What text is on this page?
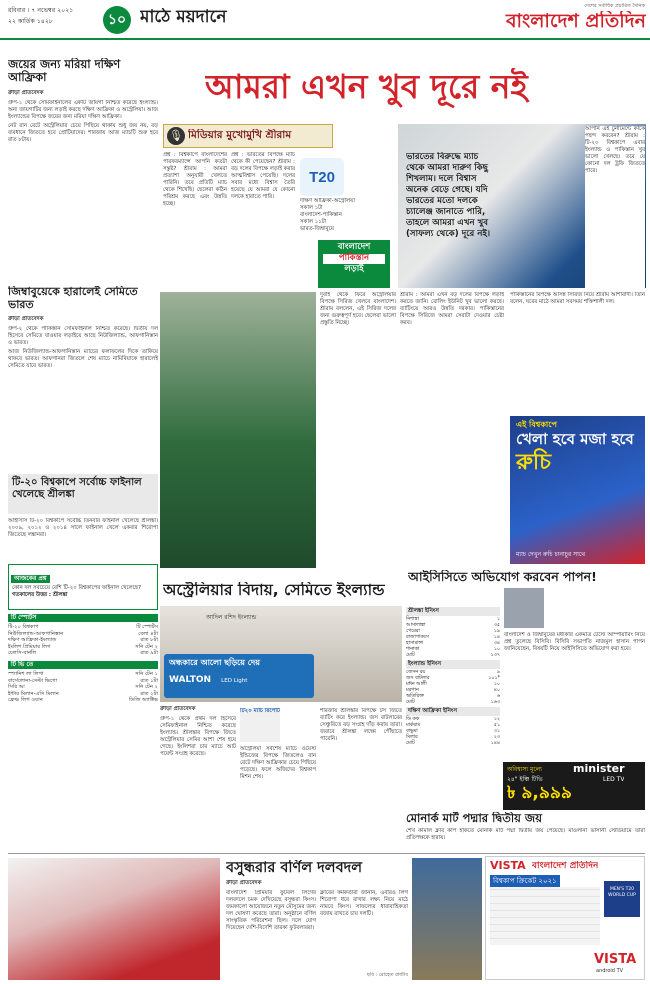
রবিবার । ৭ নভেম্বর ২০২১
২২ কার্তিক ১৪২৮	১০ মাঠে ময়দানে
দেশের সর্বাধিক প্রচারিত দৈনিক
বাংলাদেশ প্রতিদিন
জয়ের জন্য মরিয়া দক্ষিণ আফ্রিকা
ক্রীড়া প্রতিবেদক

গ্রুপ-১ থেকে সেমিফাইনালের একটি জায়গা নিশ্চিত করেছে ইংল্যান্ড। অন্য জায়গাটির জন্য লড়াই করছে দক্ষিণ আফ্রিকা ও অস্ট্রেলিয়া। আজ ইংল্যান্ডের বিপক্ষে জয়ের জন্য মরিয়া দক্ষিণ আফ্রিকা।

নেট রান রেটে অস্ট্রেলিয়ার চেয়ে পিছিয়ে থাকায় শুধু জয় নয়, বড় ব্যবধানে জিততে হবে প্রোটিয়াদের। শারজায় আজ ম্যাচটি শুরু হবে রাত ৮টায়।

জিম্বাবুয়েকে হারালেই সেমিতে ভারত
ক্রীড়া প্রতিবেদক

গ্রুপ-২ থেকে পাকিস্তান সেমিফাইনাল নিশ্চিত করেছে। দ্বিতীয় দল হিসেবে সেমিতে যাওয়ার লড়াইয়ে আছে নিউজিল্যান্ড, আফগানিস্তান ও ভারত।

আজ নিউজিল্যান্ড-আফগানিস্তান ম্যাচের ফলাফলের দিকে তাকিয়ে থাকবে ভারত। আফগানরা জিতলে শেষ ম্যাচে নামিবিয়াকে হারালেই সেমিতে যাবে ভারত।

টি-২০ বিশ্বকাপে সর্বোচ্চ ফাইনাল খেলেছে শ্রীলঙ্কা
আইসিসি টি-২০ বিশ্বকাপে সর্বোচ্চ তিনবার ফাইনাল খেলেছে শ্রীলঙ্কা। ২০০৯, ২০১২ ও ২০১৪ সালে ফাইনাল খেলে একবার শিরোপা জিতেছে লঙ্কানরা।
আজকের প্রশ্ন
কোন দল সবচেয়ে বেশি টি-২০ বিশ্বকাপের ফাইনাল খেলেছে?
গতকালের উত্তর : শ্রীলঙ্কা
টি স্পোর্টস
টি-২০ বিশ্বকাপ	টি স্পোর্টস
নিউজিল্যান্ড-আফগানিস্তান	বেলা ৪টা
দক্ষিণ আফ্রিকা-ইংল্যান্ড	রাত ৮টা
ইংলিশ প্রিমিয়ার লিগ	সনি টেন ২
চেলসি-বার্নলি	রাত ৯টা
টি ভি তে
স্প্যানিশ লা লিগা	সনি টেন ১
বার্সেলোনা-সেল্টা ভিগো	রাত ১টা
সিরি আ	সনি টেন ২
ইন্টার মিলান-এসি মিলান	রাত ২টা
ফ্রেঞ্চ লিগ ওয়ান	ডিজি অ্যাক্টিভ
আমরা এখন খুব দূরে নই
🎙 মিডিয়ার মুখোমুখি শ্রীরাম
প্রশ্ন : বিশ্বকাপে বাংলাদেশের পারফরম্যান্সে আপনি কতটা সন্তুষ্ট? শ্রীরাম : আমরা প্রত্যাশা অনুযায়ী খেলতে পারিনি। তবে প্রতিটি ম্যাচ থেকে শিখেছি। ছেলেরা কঠিন পরিশ্রম করছে এবং উন্নতি হচ্ছে।
প্রশ্ন : ভারতের বিপক্ষে ম্যাচ থেকে কী পেয়েছেন? শ্রীরাম : বড় দলের বিপক্ষে লড়াই করার আত্মবিশ্বাস পেয়েছি। দলের সবার মধ্যে বিশ্বাস তৈরি হয়েছে যে আমরা যে কোনো দলকে হারাতে পারি।
T20
দক্ষিণ আফ্রিকা-অস্ট্রেলিয়া
সকাল ১টা
বাংলাদেশ-পাকিস্তান
সকাল ১১টা
ভারত-জিম্বাবুয়ে
বাংলাদেশ
পাকিস্তান
লড়াই
ভারতের বিরুদ্ধে ম্যাচ থেকে আমরা দারুণ কিছু শিখলাম। দলে বিশ্বাস অনেক বেড়ে গেছে। যদি ভারতের মতো দলকে চ্যালেঞ্জ জানাতে পারি, তাহলে আমরা এখন খুব (সাফল্য থেকে) দূরে নই।
আপনি এই টুর্নামেন্টে কাকে পছন্দ করবেন? শ্রীরাম : টি-২০ বিশ্বকাপে এবার ইংল্যান্ড ও পাকিস্তান খুব ভালো খেলছে। তবে যে কোনো দল ট্রফি জিততে পারে।
দুবাই থেকে ফিরে অস্ট্রেলিয়ার বিপক্ষে সিরিজ খেলবে বাংলাদেশ। শ্রীরাম বললেন, এই সিরিজ দলের জন্য গুরুত্বপূর্ণ হবে। ছেলেরা ভালো প্রস্তুতি নিচ্ছে।
শ্রীরাম : আমরা এখন বড় দলের বিপক্ষে লড়াই করতে জানি। বোলিং ইউনিট খুব ভালো করছে। ব্যাটিংয়ে আরও উন্নতি দরকার। পাকিস্তানের বিপক্ষে সিরিজে আমরা সেরাটা দেওয়ার চেষ্টা করব।
পাকিস্তানের বিপক্ষে আসন্ন সিরিজ নিয়ে শ্রীরাম আশাবাদী। তিনি বলেন, ঘরের মাঠে আমরা সবসময় শক্তিশালী দল।
এই বিশ্বকাপে
খেলা হবে মজা হবে
রুচি
ম্যাচ দেখুন রুচি চানাচুর সাথে
অস্ট্রেলিয়ার বিদায়, সেমিতে ইংল্যান্ড
আইসিসিতে অভিযোগ করবেন পাপন!
আদিল রশিদ ইংল্যান্ড
অন্ধকারে আলো ছড়িয়ে দেয়
WALTON LED Light
ক্রীড়া প্রতিবেদক
গ্রুপ-১ থেকে প্রথম দল হিসেবে সেমিফাইনাল নিশ্চিত করেছে ইংল্যান্ড। শ্রীলঙ্কার বিপক্ষে জিতে অস্ট্রেলিয়ার সেমির আশা শেষ হয়ে গেছে। ইংলিশরা চার ম্যাচে আট পয়েন্ট সংগ্রহ করেছে।
টি২০ ম্যাচ রিপোর্ট
অস্ট্রেলিয়া সর্বশেষ ম্যাচে ওয়েস্ট ইন্ডিজের বিপক্ষে জিতলেও রান রেটে দক্ষিণ আফ্রিকার চেয়ে পিছিয়ে পড়েছে। ফলে অজিদের বিশ্বকাপ মিশন শেষ।
শারজায় শ্রীলঙ্কার বিপক্ষে টস জিতে ব্যাটিং করে ইংল্যান্ড। জস বাটলারের সেঞ্চুরিতে বড় সংগ্রহ দাঁড় করায় তারা। জবাবে শ্রীলঙ্কা লক্ষ্যে পৌঁছাতে পারেনি।
শ্রীলঙ্কা ইনিংস
নিশাঙ্কা	১
আসালাঙ্কা	৩৫
পেরেরা	১৯
রাজাপাকসে	১৪
হাসারাঙ্গা	৩৪
শানাকা	১০
মোট	১৩৭
ইংল্যান্ড ইনিংস
জেসন রয়	৯
জস বাটলার	১০১*
মঈন আলী	১০
মরগান	৪০
অতিরিক্ত	৬
মোট	১৬৩
দক্ষিণ আফ্রিকা ইনিংস
ডি কক	১২
মার্করাম	৫১
বাভুমা	৩১
মিলার	২৩
মোট	১৪৪
বাংলাদেশ ও জিম্বাবুয়ের মধ্যকার একমাত্র টেস্টে আম্পায়ারিং নিয়ে প্রশ্ন তুলেছে বিসিবি। বিসিবি সভাপতি নাজমুল হাসান পাপন জানিয়েছেন, বিষয়টি নিয়ে আইসিসিতে অভিযোগ করা হবে।
অবিশ্বাস্য মূল্যে	minister
LED TV
২৪" ইঞ্চি টিভি
৳ ৯,৯৯৯
মোনার্ক মার্ট পদ্মার দ্বিতীয় জয়
শেখ কামাল ক্লাব কাপ হকিতে মোনার্ক মার্ট পদ্মা দ্বিতীয় জয় পেয়েছে। মাওলানা ভাসানী স্টেডিয়ামে তারা প্রতিপক্ষকে হারায়।
বসুন্ধরার বর্ণিল দলবদল
ক্রীড়া প্রতিবেদক
বাংলাদেশ প্রিমিয়ার ফুটবল লিগের দলবদলে চমক দেখিয়েছে বসুন্ধরা কিংস। জমকালো আয়োজনে নতুন মৌসুমের জন্য দল ঘোষণা করেছে তারা। অনুষ্ঠানে বর্ণিল সাংস্কৃতিক পরিবেশনা ছিল। দলে যোগ দিয়েছেন দেশি-বিদেশি তারকা ফুটবলাররা।
ক্লাবের কর্মকর্তারা জানান, এবারও লিগ শিরোপা ধরে রাখার লক্ষ্য নিয়ে মাঠে নামবে কিংস। সাফল্যের ধারাবাহিকতা বজায় রাখতে চায় দলটি।
ছবি : রোহেত রাজীব
VISTA বাংলাদেশ প্রতিদিন
বিশ্বকাপ ক্রিকেট ২০২১
MEN'S T20 WORLD CUP
VISTA
android TV
